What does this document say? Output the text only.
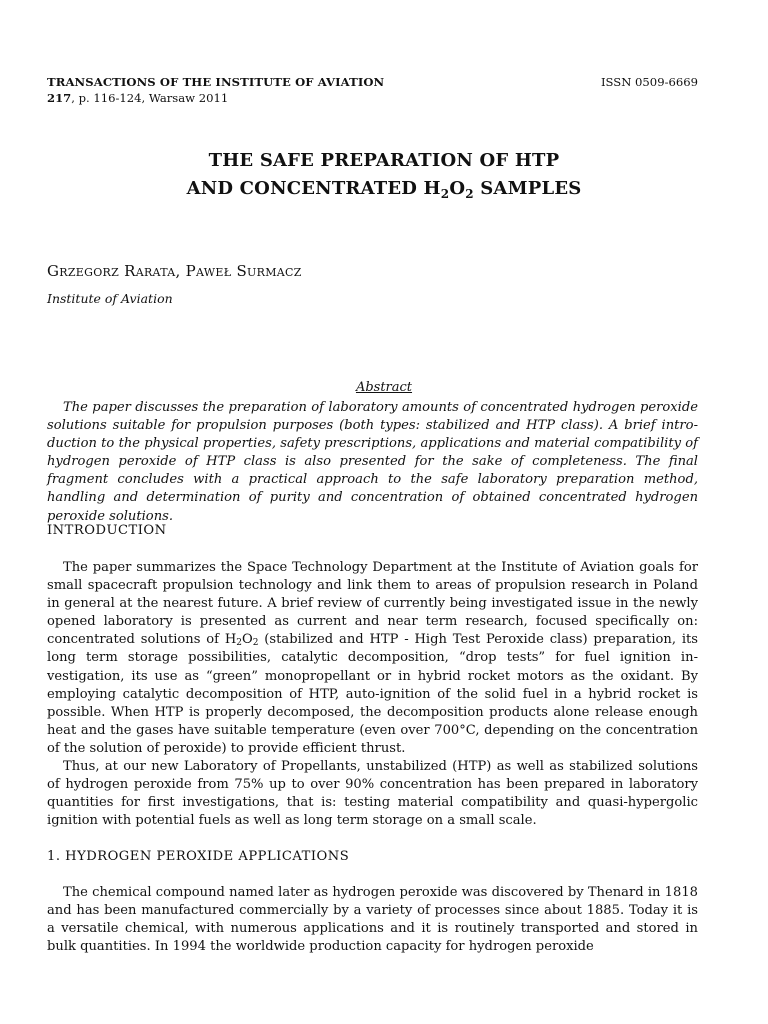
TRANSACTIONS OF THE INSTITUTE OF AVIATION	ISSN 0509-6669
217, p. 116-124, Warsaw 2011
THE SAFE PREPARATION OF HTP
AND CONCENTRATED $H_2O_2$ SAMPLES
Grzegorz Rarata, Paweł Surmacz
Institute of Aviation
Abstract

The paper discusses the preparation of laboratory amounts of concentrated hydrogen peroxide solutions suitable for propulsion purposes (both types: stabilized and HTP class). A brief introduction to the physical properties, safety prescriptions, applications and material compatibility of hydrogen peroxide of HTP class is also presented for the sake of completeness. The final fragment concludes with a practical approach to the safe laboratory preparation method, handling and determination of purity and concentration of obtained concentrated hydrogen peroxide solutions.

INTRODUCTION

The paper summarizes the Space Technology Department at the Institute of Aviation goals for small spacecraft propulsion technology and link them to areas of propulsion research in Poland in general at the nearest future. A brief review of currently being investigated issue in the newly opened laboratory is presented as current and near term research, focused specifically on: concentrated solutions of $H_2O_2$ (stabilized and HTP - High Test Peroxide class) preparation, its long term storage possibilities, catalytic decomposition, “drop tests” for fuel ignition investigation, its use as “green” monopropellant or in hybrid rocket motors as the oxidant. By employing catalytic decomposition of HTP, auto-ignition of the solid fuel in a hybrid rocket is possible. When HTP is properly decomposed, the decomposition products alone release enough heat and the gases have suitable temperature (even over 700°C, depending on the concentration of the solution of peroxide) to provide efficient thrust.

Thus, at our new Laboratory of Propellants, unstabilized (HTP) as well as stabilized solutions of hydrogen peroxide from 75% up to over 90% concentration has been prepared in laboratory quantities for first investigations, that is: testing material compatibility and quasi-hypergolic ignition with potential fuels as well as long term storage on a small scale.

1. HYDROGEN PEROXIDE APPLICATIONS

The chemical compound named later as hydrogen peroxide was discovered by Thenard in 1818 and has been manufactured commercially by a variety of processes since about 1885. Today it is a versatile chemical, with numerous applications and it is routinely transported and stored in bulk quantities. In 1994 the worldwide production capacity for hydrogen peroxide
